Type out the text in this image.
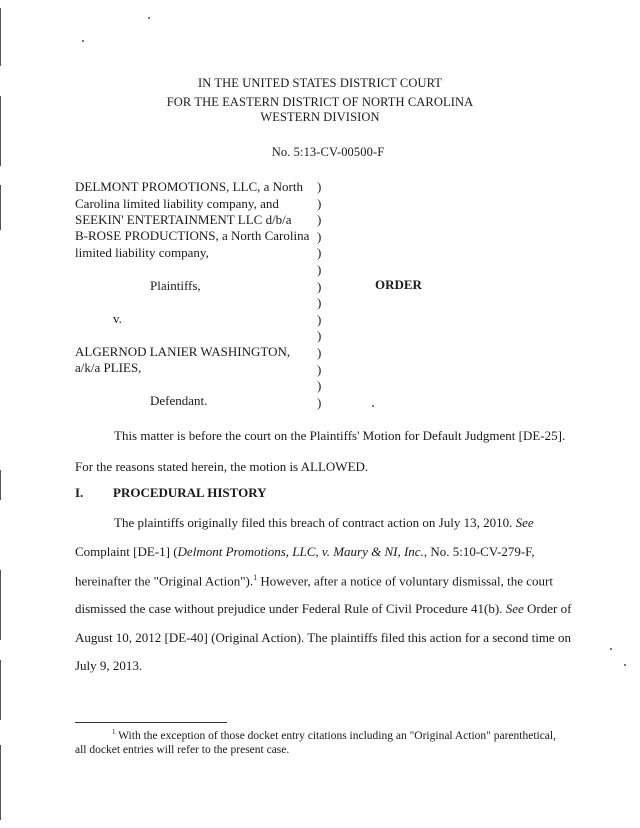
IN THE UNITED STATES DISTRICT COURT
FOR THE EASTERN DISTRICT OF NORTH CAROLINA
WESTERN DIVISION
No. 5:13-CV-00500-F
DELMONT PROMOTIONS, LLC, a North
Carolina limited liability company, and
SEEKIN' ENTERTAINMENT LLC d/b/a
B-ROSE PRODUCTIONS, a North Carolina
limited liability company,
Plaintiffs,
v.
ALGERNOD LANIER WASHINGTON,
a/k/a PLIES,
Defendant.
)
)
)
)
)
)
)
)
)
)
)
)
)
)
ORDER
This matter is before the court on the Plaintiffs' Motion for Default Judgment [DE-25].
For the reasons stated herein, the motion is ALLOWED.
I. PROCEDURAL HISTORY
The plaintiffs originally filed this breach of contract action on July 13, 2010. See
Complaint [DE-1] (Delmont Promotions, LLC, v. Maury & NI, Inc., No. 5:10-CV-279-F,
hereinafter the "Original Action").$^1$ However, after a notice of voluntary dismissal, the court
dismissed the case without prejudice under Federal Rule of Civil Procedure 41(b). See Order of
August 10, 2012 [DE-40] (Original Action). The plaintiffs filed this action for a second time on
July 9, 2013.
$^1$ With the exception of those docket entry citations including an "Original Action" parenthetical,
all docket entries will refer to the present case.
